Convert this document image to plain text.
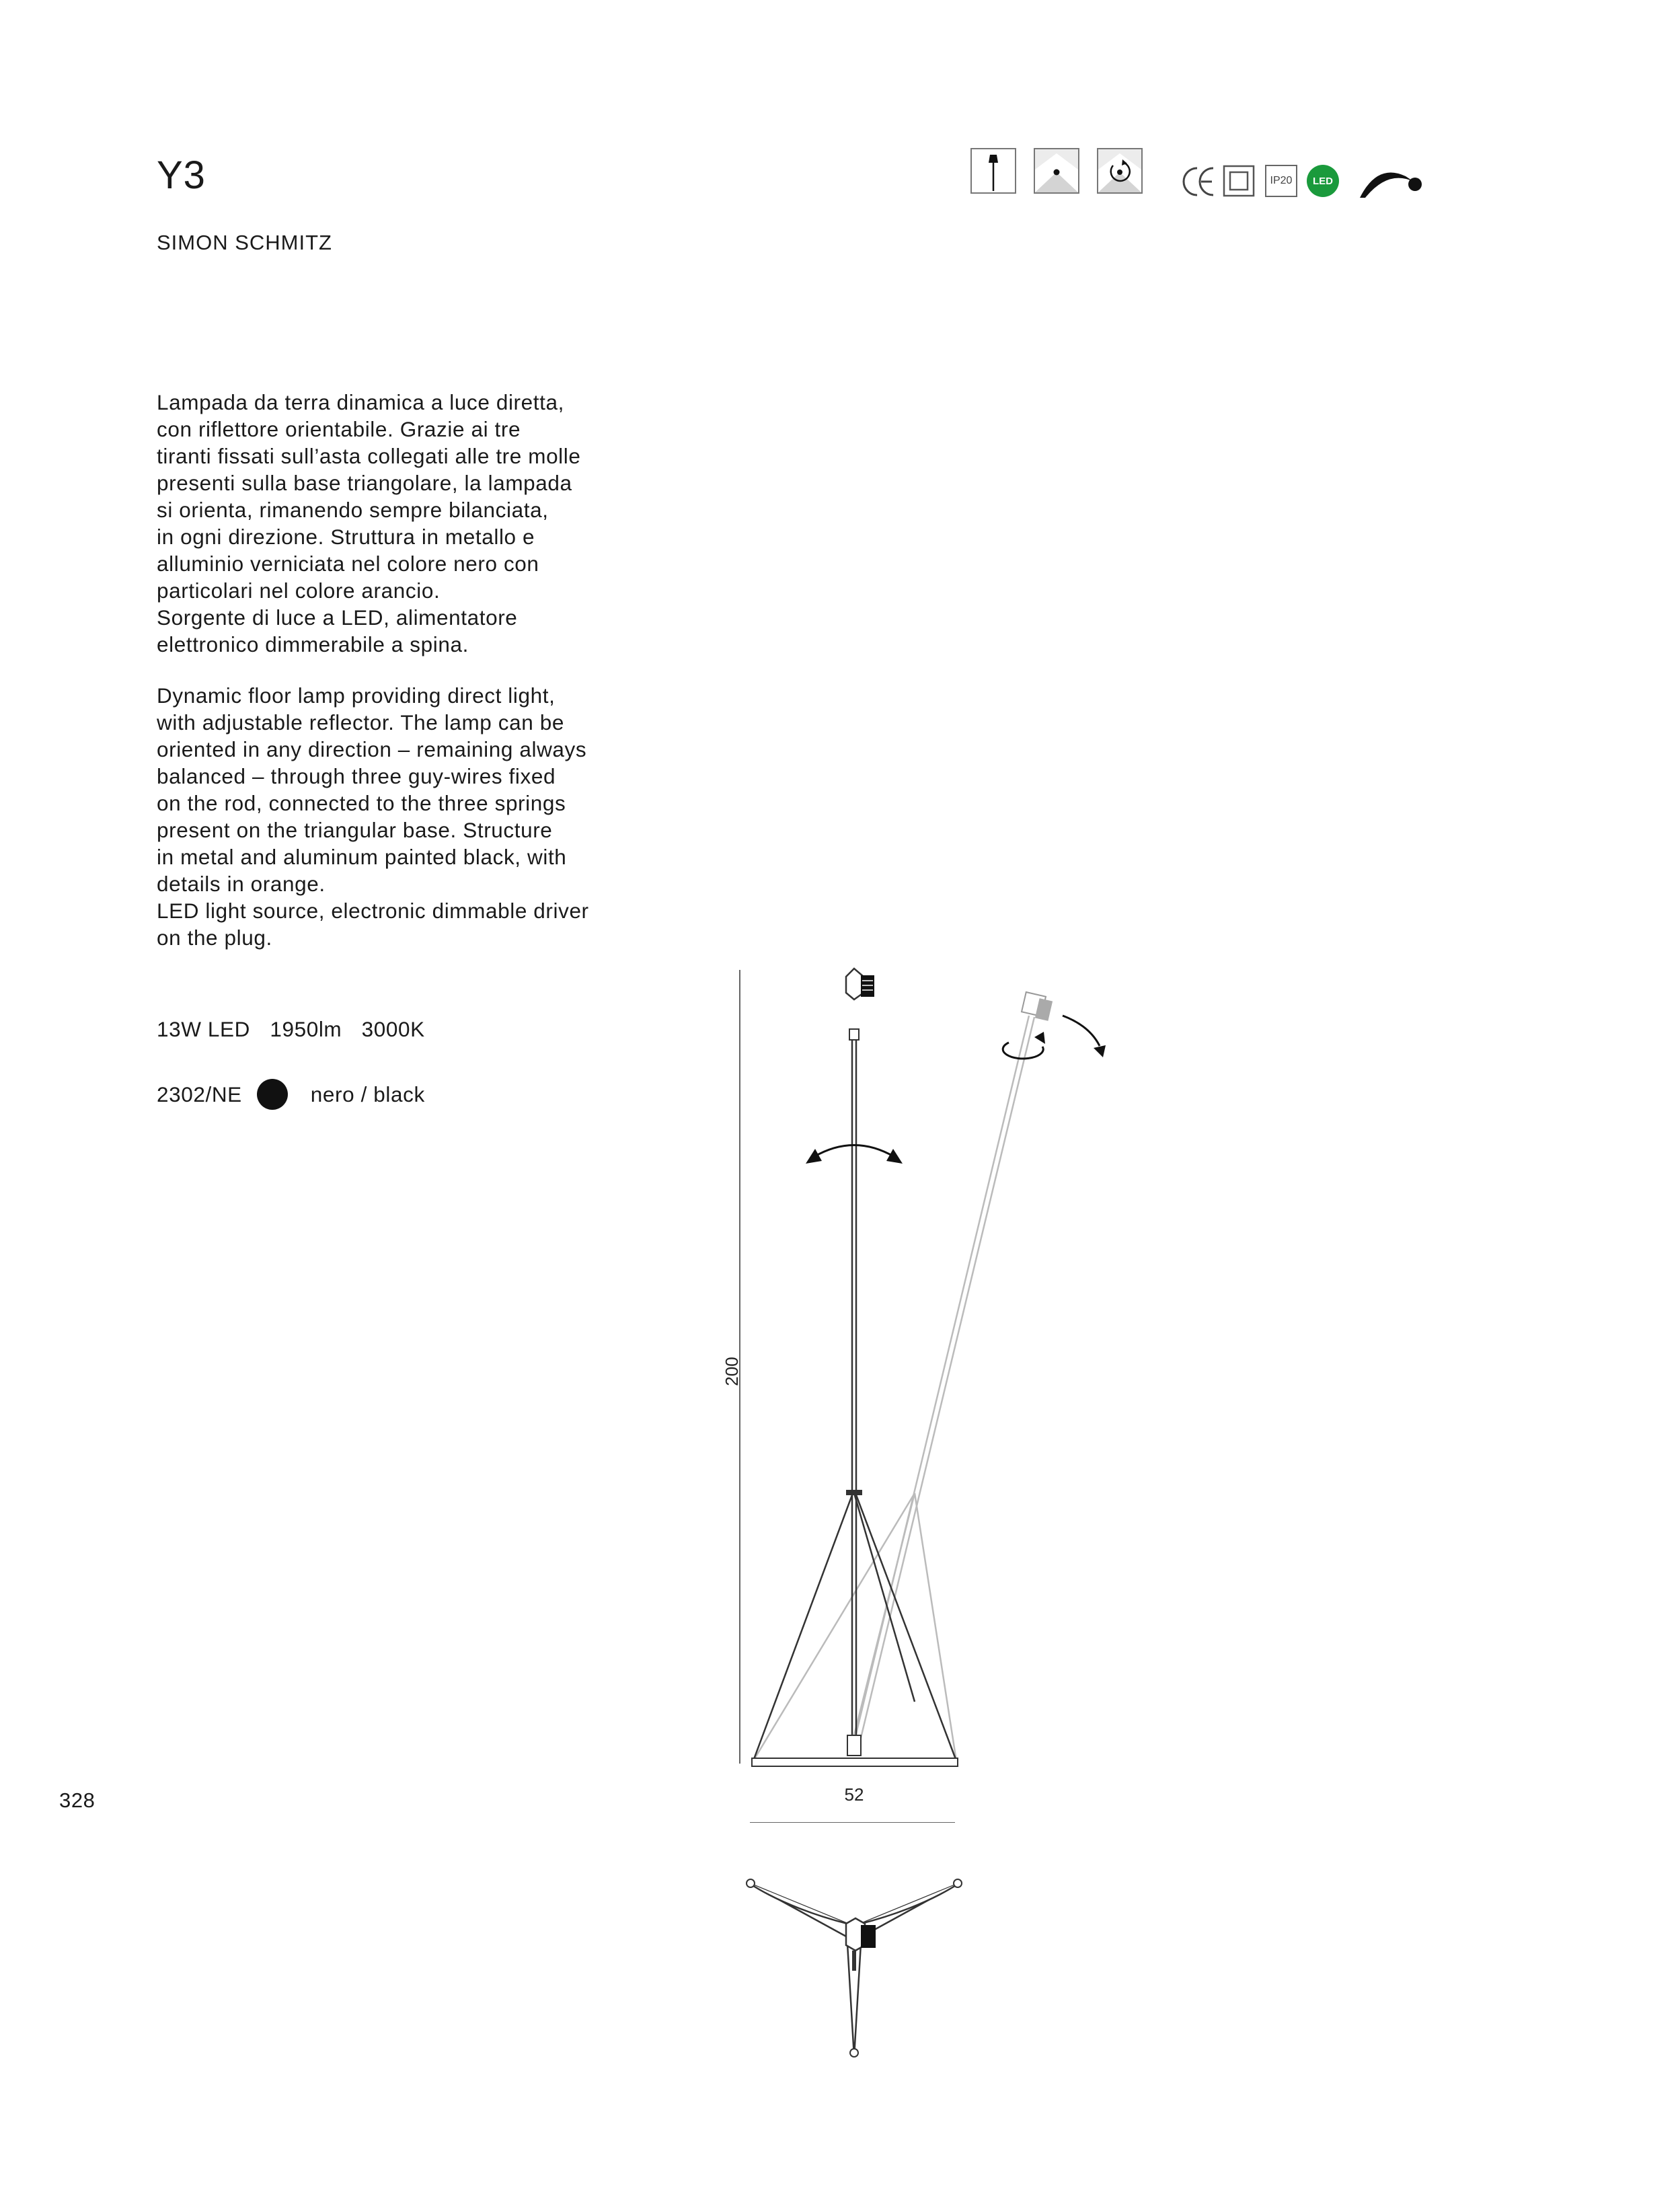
Y3
SIMON SCHMITZ
IP20	LED
Lampada da terra dinamica a luce diretta,
con riflettore orientabile. Grazie ai tre
tiranti fissati sull’asta collegati alle tre molle
presenti sulla base triangolare, la lampada
si orienta, rimanendo sempre bilanciata,
in ogni direzione. Struttura in metallo e
alluminio verniciata nel colore nero con
particolari nel colore arancio.
Sorgente di luce a LED, alimentatore
elettronico dimmerabile a spina.
Dynamic floor lamp providing direct light,
with adjustable reflector. The lamp can be
oriented in any direction – remaining always
balanced – through three guy-wires fixed
on the rod, connected to the three springs
present on the triangular base. Structure
in metal and aluminum painted black, with
details in orange.
LED light source, electronic dimmable driver
on the plug.
13W LED 1950lm 3000K
2302/NE	nero / black
200
52
328
